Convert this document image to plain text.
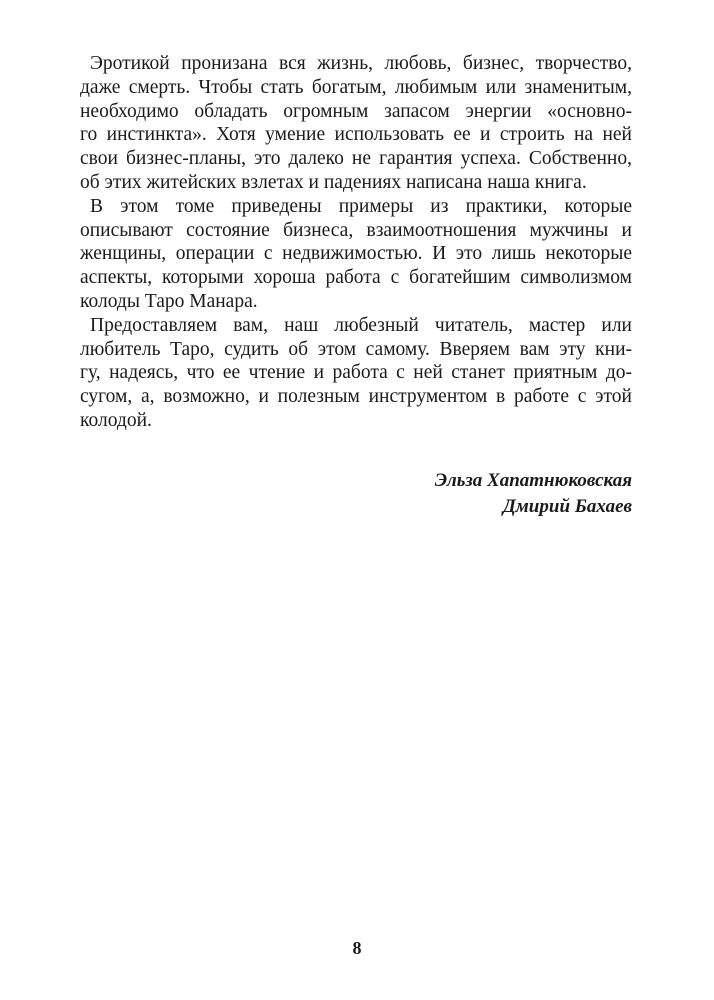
Эротикой пронизана вся жизнь, любовь, бизнес, творчество,
даже смерть. Чтобы стать богатым, любимым или знаменитым,
необходимо обладать огромным запасом энергии «основно-
го инстинкта». Хотя умение использовать ее и строить на ней
свои бизнес-планы, это далеко не гарантия успеха. Собственно,
об этих житейских взлетах и падениях написана наша книга.
В этом томе приведены примеры из практики, которые
описывают состояние бизнеса, взаимоотношения мужчины и
женщины, операции с недвижимостью. И это лишь некоторые
аспекты, которыми хороша работа с богатейшим символизмом
колоды Таро Манара.
Предоставляем вам, наш любезный читатель, мастер или
любитель Таро, судить об этом самому. Вверяем вам эту кни-
гу, надеясь, что ее чтение и работа с ней станет приятным до-
сугом, а, возможно, и полезным инструментом в работе с этой
колодой.
Эльза Хапатнюковская
Дмирий Бахаев
8
